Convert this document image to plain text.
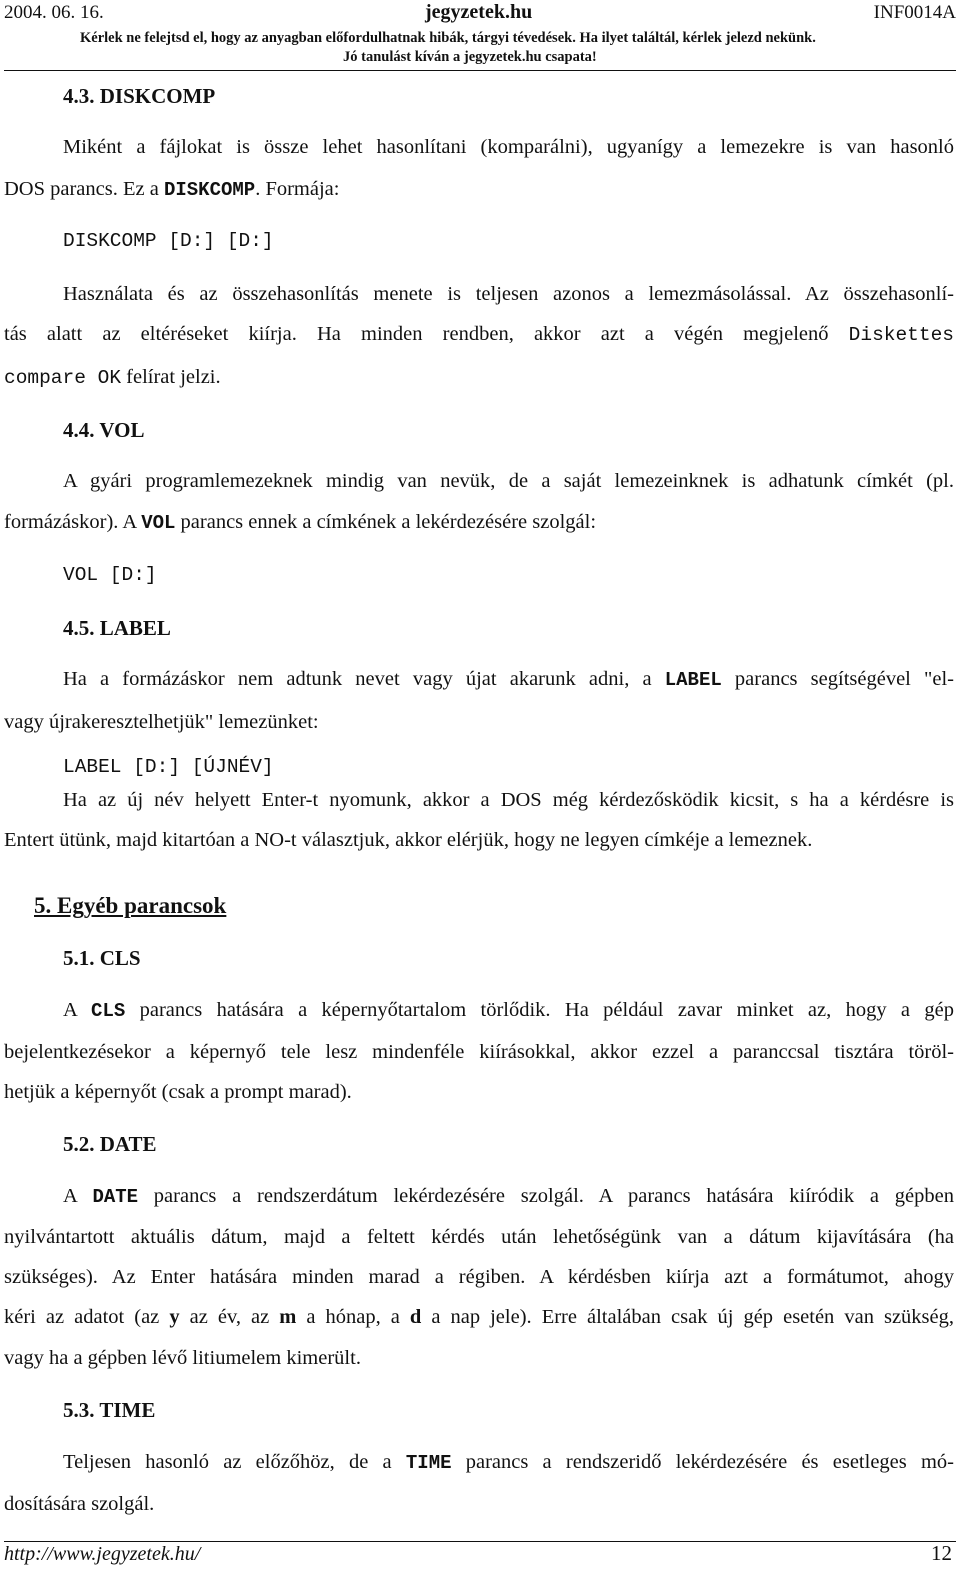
2004. 06. 16.	jegyzetek.hu	INF0014A
Kérlek ne felejtsd el, hogy az anyagban előfordulhatnak hibák, tárgyi tévedések. Ha ilyet találtál, kérlek jelezd nekünk.
Jó tanulást kíván a jegyzetek.hu csapata!
4.3. DISKCOMP
Miként a fájlokat is össze lehet hasonlítani (komparálni), ugyanígy a lemezekre is van hasonló
DOS parancs. Ez a DISKCOMP. Formája:
DISKCOMP [D:] [D:]
Használata és az összehasonlítás menete is teljesen azonos a lemezmásolással. Az összehasonlí-
tás alatt az eltéréseket kiírja. Ha minden rendben, akkor azt a végén megjelenő Diskettes
compare OK felírat jelzi.
4.4. VOL
A gyári programlemezeknek mindig van nevük, de a saját lemezeinknek is adhatunk címkét (pl.
formázáskor). A VOL parancs ennek a címkének a lekérdezésére szolgál:
VOL [D:]
4.5. LABEL
Ha a formázáskor nem adtunk nevet vagy újat akarunk adni, a LABEL parancs segítségével "el-
vagy újrakeresztelhetjük" lemezünket:
LABEL [D:] [ÚJNÉV]
Ha az új név helyett Enter-t nyomunk, akkor a DOS még kérdezősködik kicsit, s ha a kérdésre is
Entert ütünk, majd kitartóan a NO-t választjuk, akkor elérjük, hogy ne legyen címkéje a lemeznek.
5. Egyéb parancsok
5.1. CLS
A CLS parancs hatására a képernyőtartalom törlődik. Ha például zavar minket az, hogy a gép
bejelentkezésekor a képernyő tele lesz mindenféle kiírásokkal, akkor ezzel a paranccsal tisztára töröl-
hetjük a képernyőt (csak a prompt marad).
5.2. DATE
A DATE parancs a rendszerdátum lekérdezésére szolgál. A parancs hatására kiíródik a gépben
nyilvántartott aktuális dátum, majd a feltett kérdés után lehetőségünk van a dátum kijavítására (ha
szükséges). Az Enter hatására minden marad a régiben. A kérdésben kiírja azt a formátumot, ahogy
kéri az adatot (az y az év, az m a hónap, a d a nap jele). Erre általában csak új gép esetén van szükség,
vagy ha a gépben lévő litiumelem kimerült.
5.3. TIME
Teljesen hasonló az előzőhöz, de a TIME parancs a rendszeridő lekérdezésére és esetleges mó-
dosítására szolgál.
http://www.jegyzetek.hu/	12
